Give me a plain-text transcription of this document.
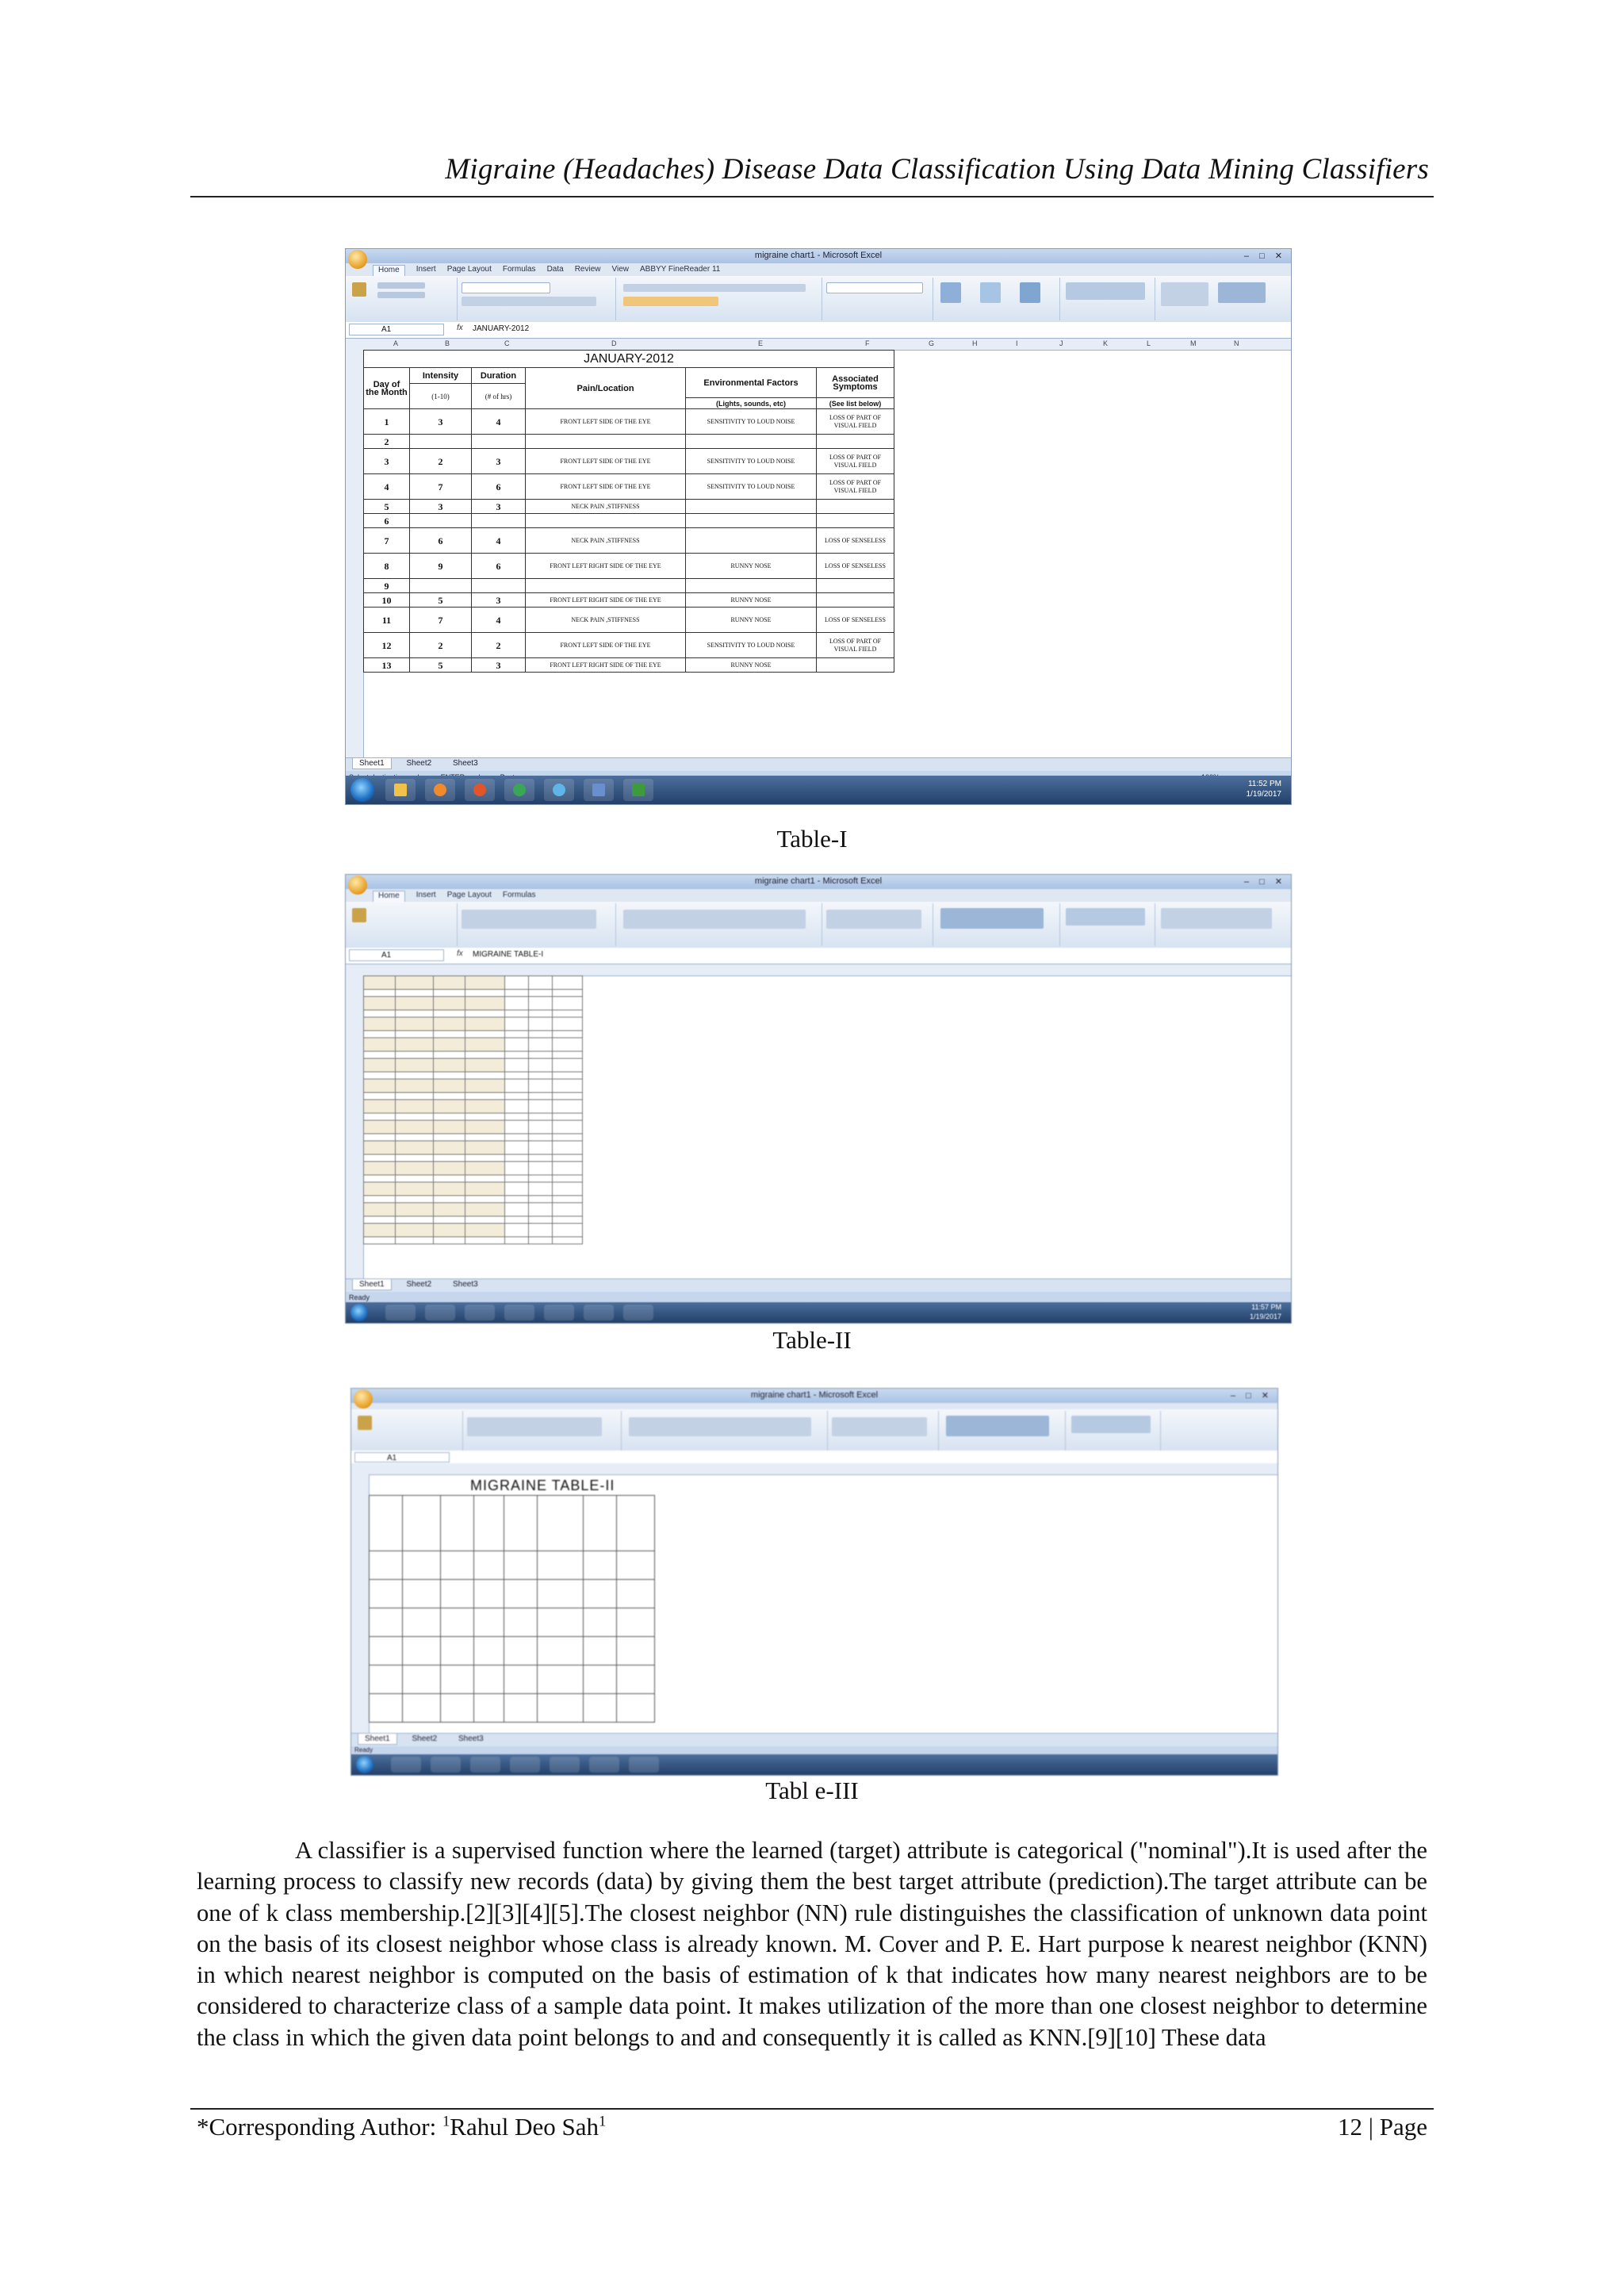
Migraine (Headaches) Disease Data Classification Using Data Mining Classifiers
migraine chart1 - Microsoft Excel	– □ ✕
Home	Insert Page Layout Formulas Data Review View ABBYY FineReader 11
A1	fx JANUARY-2012
A	B	C	D	E	F	G	H	I	J	K	L	M	N
JANUARY-2012					
Day of the Month	Intensity	Duration	Pain/Location	Environmental Factors	Associated Symptoms
	(1-10)	(# of hrs)			
				(Lights, sounds, etc)	(See list below)
1	3	4	FRONT LEFT SIDE OF THE EYE	SENSITIVITY TO LOUD NOISE	LOSS OF PART OF VISUAL FIELD
2					
3	2	3	FRONT LEFT SIDE OF THE EYE	SENSITIVITY TO LOUD NOISE	LOSS OF PART OF VISUAL FIELD
4	7	6	FRONT LEFT SIDE OF THE EYE	SENSITIVITY TO LOUD NOISE	LOSS OF PART OF VISUAL FIELD
5	3	3	NECK PAIN ,STIFFNESS		
6					
7	6	4	NECK PAIN ,STIFFNESS		LOSS OF SENSELESS
8	9	6	FRONT LEFT RIGHT SIDE OF THE EYE	RUNNY NOSE	LOSS OF SENSELESS
9					
10	5	3	FRONT LEFT RIGHT SIDE OF THE EYE	RUNNY NOSE	
11	7	4	NECK PAIN ,STIFFNESS	RUNNY NOSE	LOSS OF SENSELESS
12	2	2	FRONT LEFT SIDE OF THE EYE	SENSITIVITY TO LOUD NOISE	LOSS OF PART OF VISUAL FIELD
13	5	3	FRONT LEFT RIGHT SIDE OF THE EYE	RUNNY NOSE	
Sheet1	Sheet2	Sheet3
11:52 PM
1/19/2017
Table-I
migraine chart1 - Microsoft Excel	– □ ✕
Home	Insert Page Layout Formulas
A1	fx MIGRAINE TABLE-I

Sheet1	Sheet2	Sheet3
Ready
11:57 PM
1/19/2017
Table-II
migraine chart1 - Microsoft Excel	– □ ✕
A1
MIGRAINE TABLE-II

Sheet1	Sheet2	Sheet3
Ready
Tabl e-III

A classifier is a supervised function where the learned (target) attribute is categorical ("nominal").It is used after the learning process to classify new records (data) by giving them the best target attribute (prediction).The target attribute can be one of k class membership.[2][3][4][5].The closest neighbor (NN) rule distinguishes the classification of unknown data point on the basis of its closest neighbor whose class is already known. M. Cover and P. E. Hart purpose k nearest neighbor (KNN) in which nearest neighbor is computed on the basis of estimation of k that indicates how many nearest neighbors are to be considered to characterize class of a sample data point. It makes utilization of the more than one closest neighbor to determine the class in which the given data point belongs to and and consequently it is called as KNN.[9][10] These data

*Corresponding Author: $^1$Rahul Deo Sah$^1$	12 | Page
